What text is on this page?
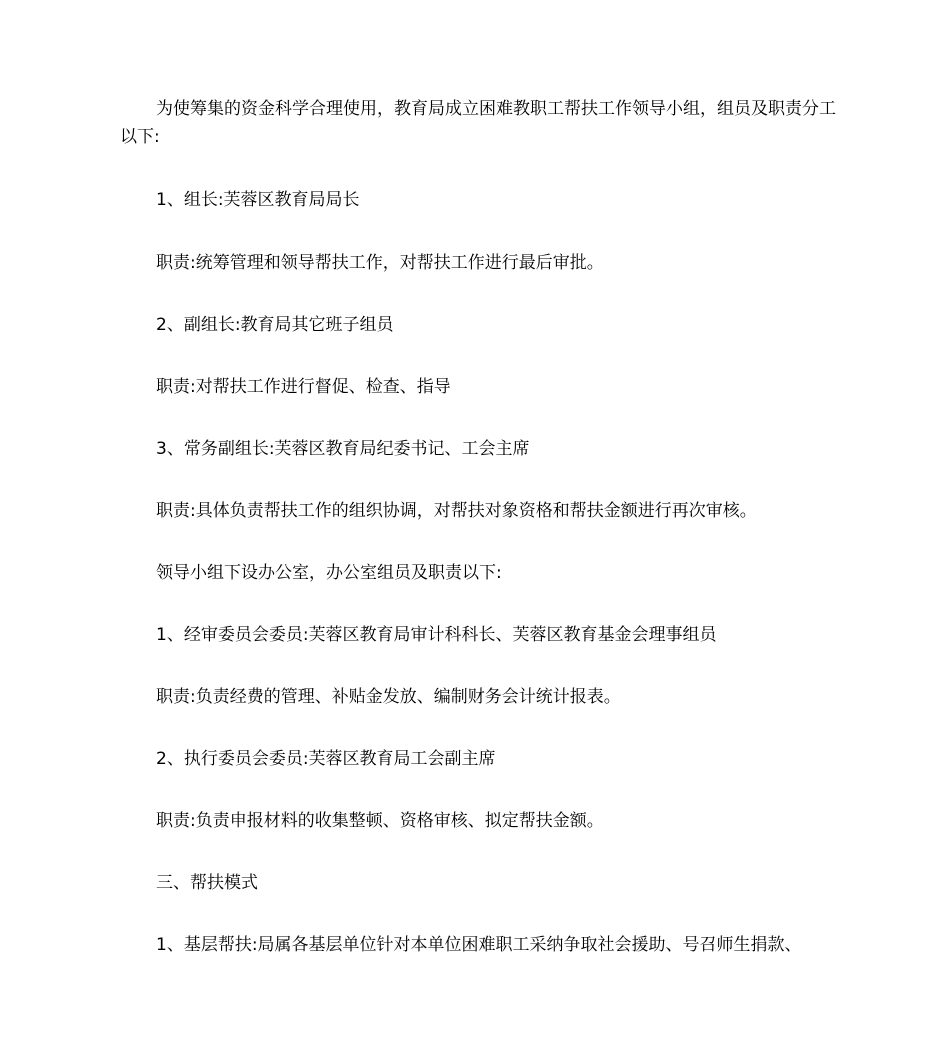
为使筹集的资金科学合理使用，教育局成立困难教职工帮扶工作领导小组，组员及职责分工以下:
1、组长:芙蓉区教育局局长
职责:统筹管理和领导帮扶工作，对帮扶工作进行最后审批。
2、副组长:教育局其它班子组员
职责:对帮扶工作进行督促、检查、指导
3、常务副组长:芙蓉区教育局纪委书记、工会主席
职责:具体负责帮扶工作的组织协调，对帮扶对象资格和帮扶金额进行再次审核。
领导小组下设办公室，办公室组员及职责以下:
1、经审委员会委员:芙蓉区教育局审计科科长、芙蓉区教育基金会理事组员
职责:负责经费的管理、补贴金发放、编制财务会计统计报表。
2、执行委员会委员:芙蓉区教育局工会副主席
职责:负责申报材料的收集整顿、资格审核、拟定帮扶金额。
三、帮扶模式
1、基层帮扶:局属各基层单位针对本单位困难职工采纳争取社会援助、号召师生捐款、
